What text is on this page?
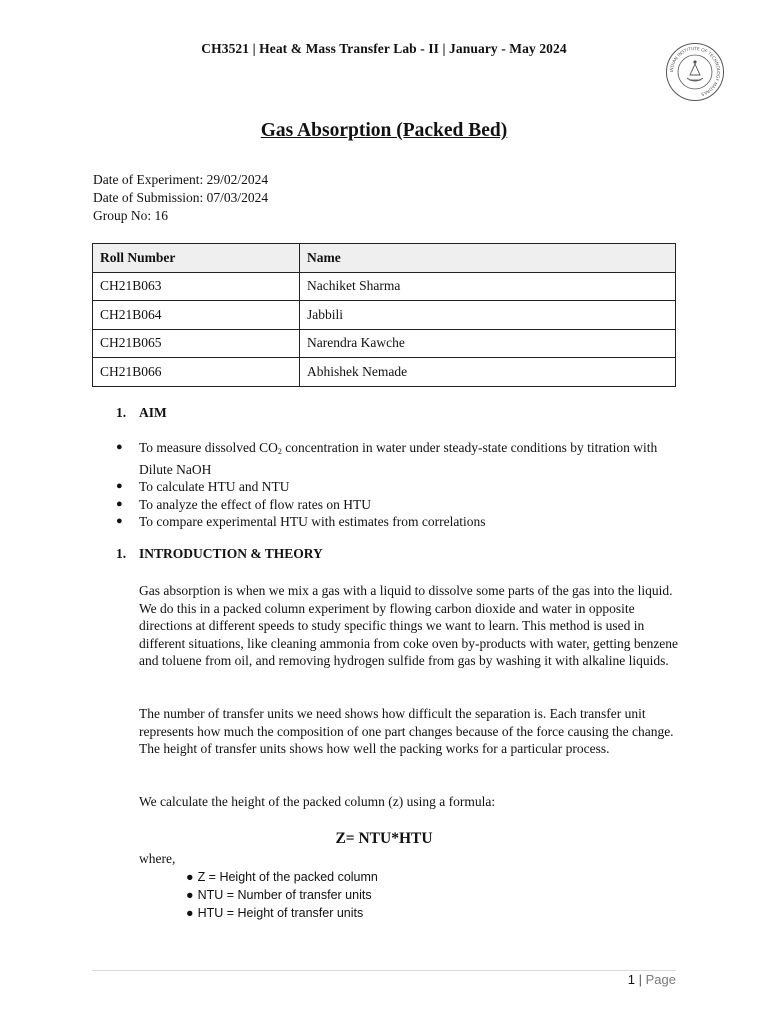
CH3521 | Heat & Mass Transfer Lab - II | January - May 2024
INDIAN INSTITUTE OF TECHNOLOGY MADRAS
Gas Absorption (Packed Bed)
Date of Experiment: 29/02/2024
Date of Submission: 07/03/2024
Group No: 16
Roll Number	Name
CH21B063	Nachiket Sharma
CH21B064	Jabbili
CH21B065	Narendra Kawche
CH21B066	Abhishek Nemade
1. AIM
● To measure dissolved $CO_2$ concentration in water under steady-state conditions by titration with Dilute NaOH
● To calculate HTU and NTU
● To analyze the effect of flow rates on HTU
● To compare experimental HTU with estimates from correlations
1. INTRODUCTION & THEORY

Gas absorption is when we mix a gas with a liquid to dissolve some parts of the gas into the liquid. We do this in a packed column experiment by flowing carbon dioxide and water in opposite directions at different speeds to study specific things we want to learn. This method is used in different situations, like cleaning ammonia from coke oven by-products with water, getting benzene and toluene from oil, and removing hydrogen sulfide from gas by washing it with alkaline liquids.

The number of transfer units we need shows how difficult the separation is. Each transfer unit represents how much the composition of one part changes because of the force causing the change. The height of transfer units shows how well the packing works for a particular process.

We calculate the height of the packed column (z) using a formula:

Z= NTU*HTU
where,
● Z = Height of the packed column
● NTU = Number of transfer units
● HTU = Height of transfer units
1 | Page
